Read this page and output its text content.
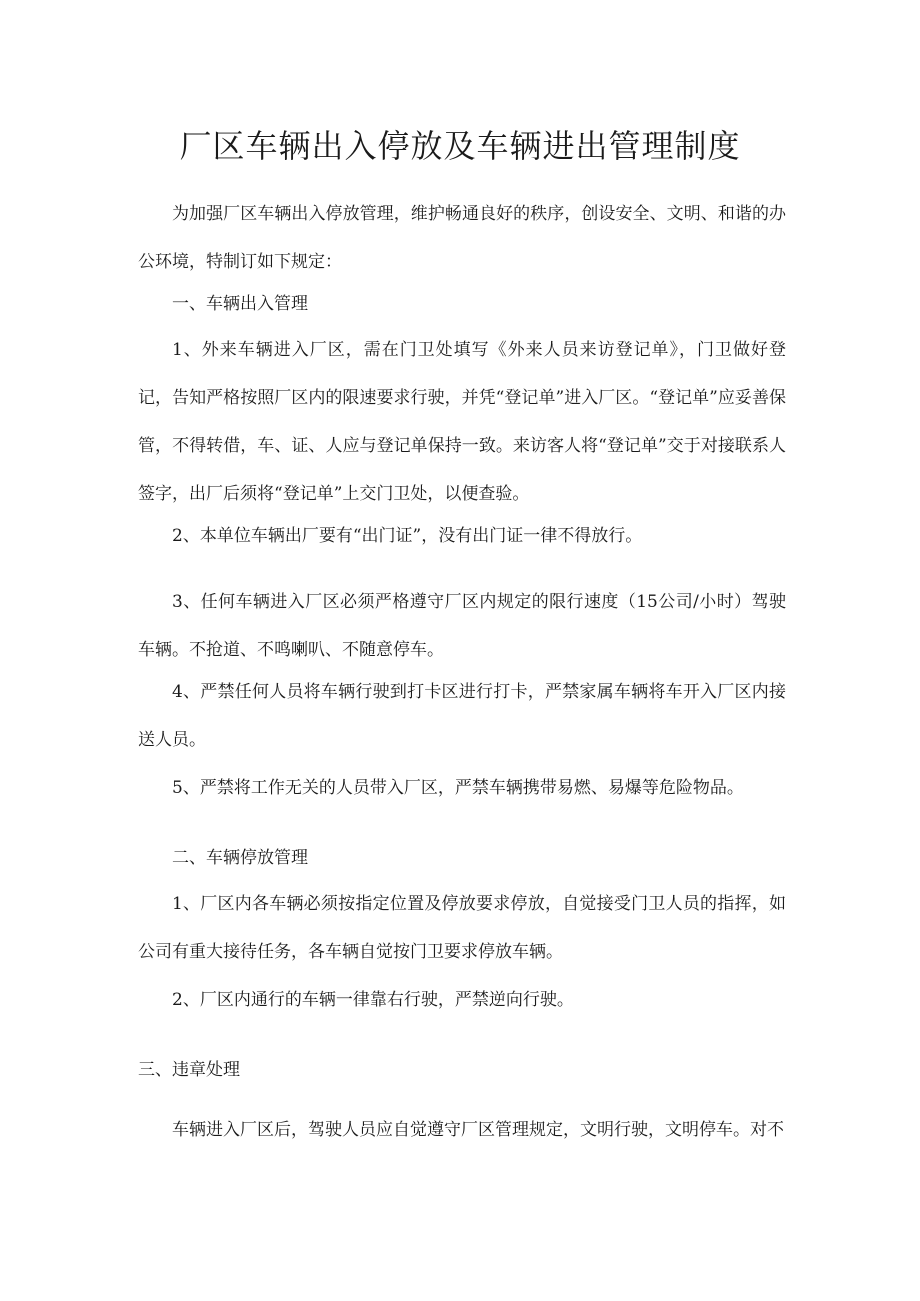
厂区车辆出入停放及车辆进出管理制度

为加强厂区车辆出入停放管理，维护畅通良好的秩序，创设安全、文明、和谐的办公环境，特制订如下规定：

一、车辆出入管理

1、外来车辆进入厂区，需在门卫处填写《外来人员来访登记单》，门卫做好登记，告知严格按照厂区内的限速要求行驶，并凭“登记单”进入厂区。“登记单”应妥善保管，不得转借，车、证、人应与登记单保持一致。来访客人将“登记单”交于对接联系人签字，出厂后须将“登记单”上交门卫处，以便查验。

2、本单位车辆出厂要有“出门证”，没有出门证一律不得放行。

3、任何车辆进入厂区必须严格遵守厂区内规定的限行速度（15公司/小时）驾驶车辆。不抢道、不鸣喇叭、不随意停车。

4、严禁任何人员将车辆行驶到打卡区进行打卡，严禁家属车辆将车开入厂区内接送人员。

5、严禁将工作无关的人员带入厂区，严禁车辆携带易燃、易爆等危险物品。

二、车辆停放管理

1、厂区内各车辆必须按指定位置及停放要求停放，自觉接受门卫人员的指挥，如公司有重大接待任务，各车辆自觉按门卫要求停放车辆。

2、厂区内通行的车辆一律靠右行驶，严禁逆向行驶。

三、违章处理

车辆进入厂区后，驾驶人员应自觉遵守厂区管理规定，文明行驶，文明停车。对不
